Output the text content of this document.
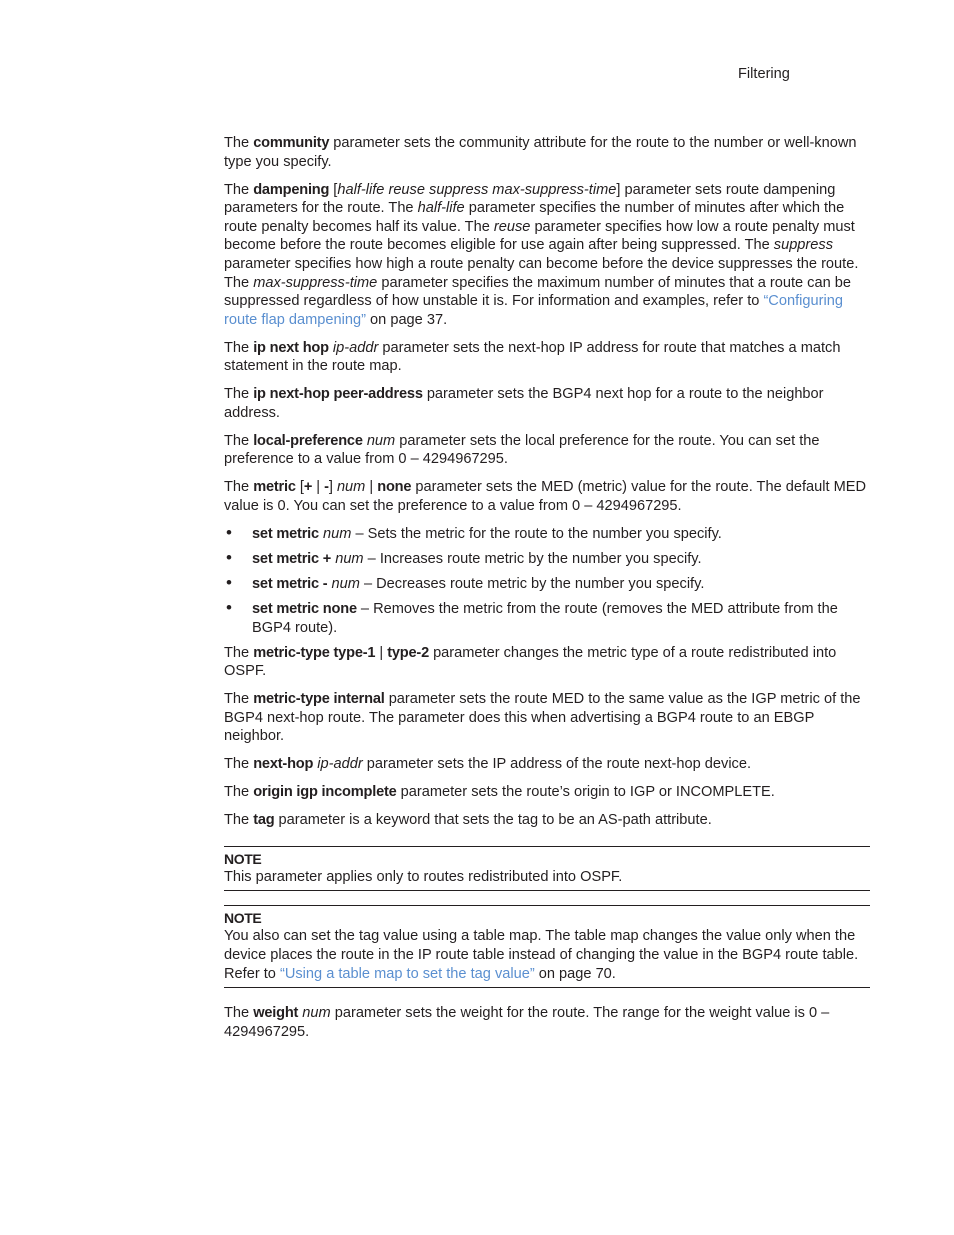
Filtering

The community parameter sets the community attribute for the route to the number or well-known type you specify.

The dampening [half-life reuse suppress max-suppress-time] parameter sets route dampening parameters for the route. The half-life parameter specifies the number of minutes after which the route penalty becomes half its value. The reuse parameter specifies how low a route penalty must become before the route becomes eligible for use again after being suppressed. The suppress parameter specifies how high a route penalty can become before the device suppresses the route. The max-suppress-time parameter specifies the maximum number of minutes that a route can be suppressed regardless of how unstable it is. For information and examples, refer to “Configuring route flap dampening” on page 37.

The ip next hop ip-addr parameter sets the next-hop IP address for route that matches a match statement in the route map.

The ip next-hop peer-address parameter sets the BGP4 next hop for a route to the neighbor address.

The local-preference num parameter sets the local preference for the route. You can set the preference to a value from 0 – 4294967295.

The metric [+ | -] num | none parameter sets the MED (metric) value for the route. The default MED value is 0. You can set the preference to a value from 0 – 4294967295.

• set metric num – Sets the metric for the route to the number you specify.
• set metric + num – Increases route metric by the number you specify.
• set metric - num – Decreases route metric by the number you specify.
• set metric none – Removes the metric from the route (removes the MED attribute from the BGP4 route).

The metric-type type-1 | type-2 parameter changes the metric type of a route redistributed into OSPF.

The metric-type internal parameter sets the route MED to the same value as the IGP metric of the BGP4 next-hop route. The parameter does this when advertising a BGP4 route to an EBGP neighbor.

The next-hop ip-addr parameter sets the IP address of the route next-hop device.

The origin igp incomplete parameter sets the route’s origin to IGP or INCOMPLETE.

The tag parameter is a keyword that sets the tag to be an AS-path attribute.

NOTE
This parameter applies only to routes redistributed into OSPF.
NOTE
You also can set the tag value using a table map. The table map changes the value only when the device places the route in the IP route table instead of changing the value in the BGP4 route table. Refer to “Using a table map to set the tag value” on page 70.

The weight num parameter sets the weight for the route. The range for the weight value is 0 – 4294967295.
